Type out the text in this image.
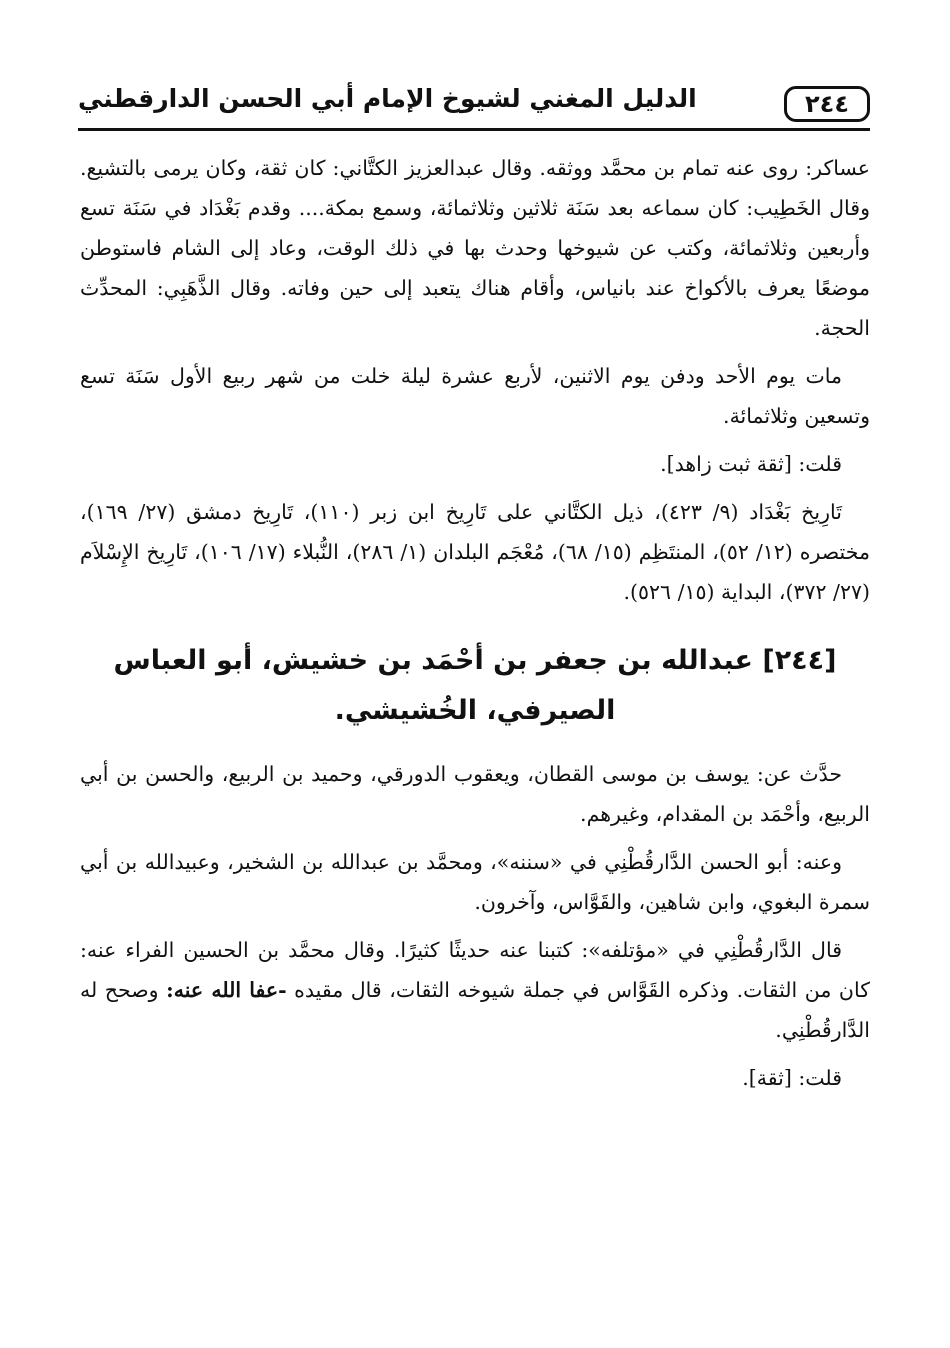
٢٤٤
الدليل المغني لشيوخ الإمام أبي الحسن الدارقطني

عساكر: روى عنه تمام بن محمَّد ووثقه. وقال عبدالعزيز الكتَّاني: كان ثقة، وكان يرمى بالتشيع. وقال الخَطِيب: كان سماعه بعد سَنَة ثلاثين وثلاثمائة، وسمع بمكة.... وقدم بَغْدَاد في سَنَة تسع وأربعين وثلاثمائة، وكتب عن شيوخها وحدث بها في ذلك الوقت، وعاد إلى الشام فاستوطن موضعًا يعرف بالأكواخ عند بانياس، وأقام هناك يتعبد إلى حين وفاته. وقال الذَّهَبِي: المحدِّث الحجة.

مات يوم الأحد ودفن يوم الاثنين، لأربع عشرة ليلة خلت من شهر ربيع الأول سَنَة تسع وتسعين وثلاثمائة.

قلت: [ثقة ثبت زاهد].

تَارِيخ بَغْدَاد (٩/ ٤٢٣)، ذيل الكتَّاني على تَارِيخ ابن زبر (١١٠)، تَارِيخ دمشق (٢٧/ ١٦٩)، مختصره (١٢/ ٥٢)، المنتَظِم (١٥/ ٦٨)، مُعْجَم البلدان (١/ ٢٨٦)، النُّبلاء (١٧/ ١٠٦)، تَارِيخ الإِسْلاَم (٢٧/ ٣٧٢)، البداية (١٥/ ٥٢٦).

[٢٤٤] عبدالله بن جعفر بن أحْمَد بن خشيش، أبو العباس الصيرفي، الخُشيشي.

حدَّث عن: يوسف بن موسى القطان، ويعقوب الدورقي، وحميد بن الربيع، والحسن بن أبي الربيع، وأحْمَد بن المقدام، وغيرهم.

وعنه: أبو الحسن الدَّارقُطْنِي في «سننه»، ومحمَّد بن عبدالله بن الشخير، وعبيدالله بن أبي سمرة البغوي، وابن شاهين، والقَوَّاس، وآخرون.

قال الدَّارقُطْنِي في «مؤتلفه»: كتبنا عنه حديثًا كثيرًا. وقال محمَّد بن الحسين الفراء عنه: كان من الثقات. وذكره القَوَّاس في جملة شيوخه الثقات، قال مقيده -عفا الله عنه: وصحح له الدَّارقُطْنِي.

قلت: [ثقة].
